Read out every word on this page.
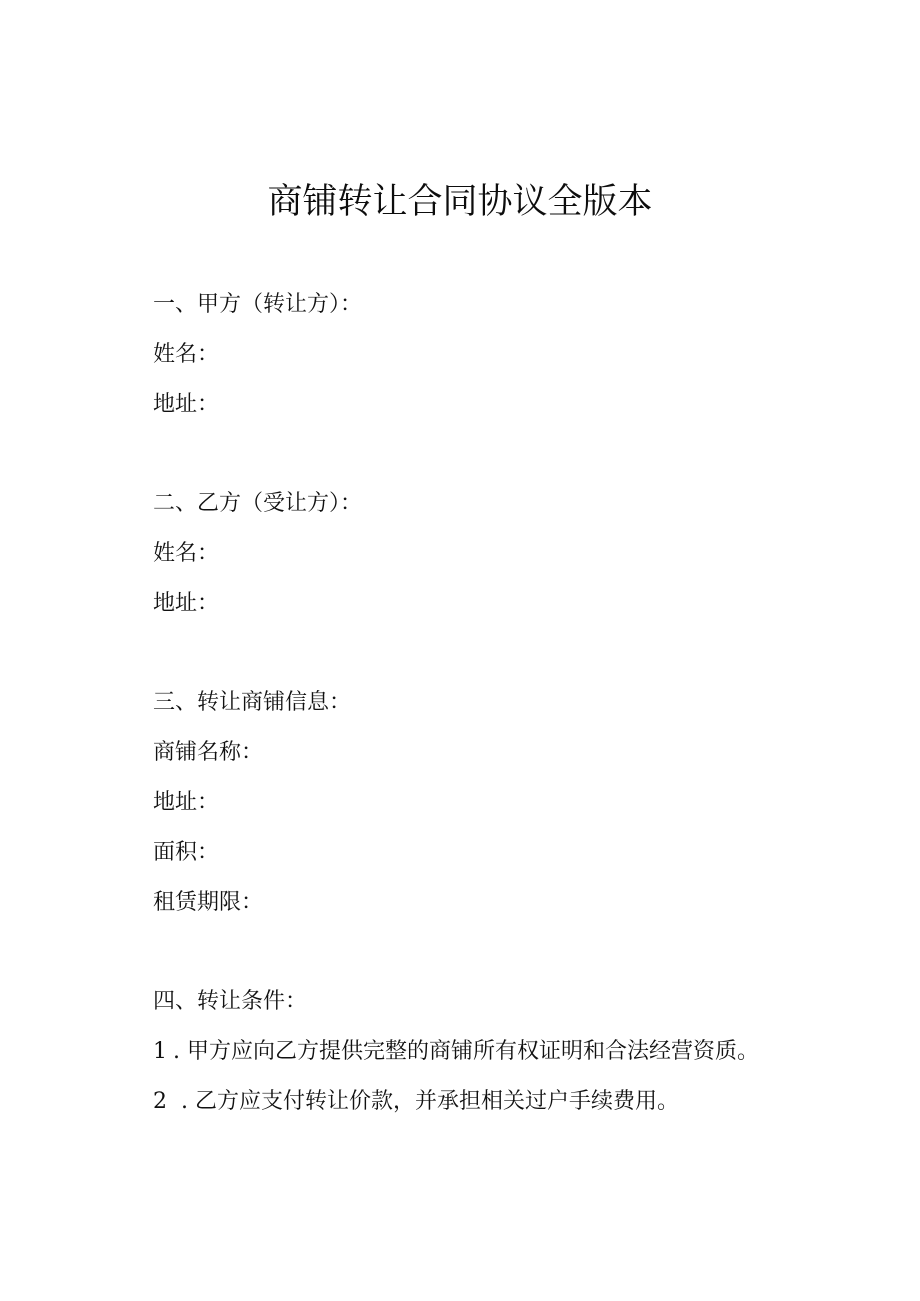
商铺转让合同协议全版本

一、甲方（转让方）：

姓名：

地址：

二、乙方（受让方）：

姓名：

地址：

三、转让商铺信息：

商铺名称：

地址：

面积：

租赁期限：

四、转让条件：

1 . 甲方应向乙方提供完整的商铺所有权证明和合法经营资质。

2 . 乙方应支付转让价款，并承担相关过户手续费用。
